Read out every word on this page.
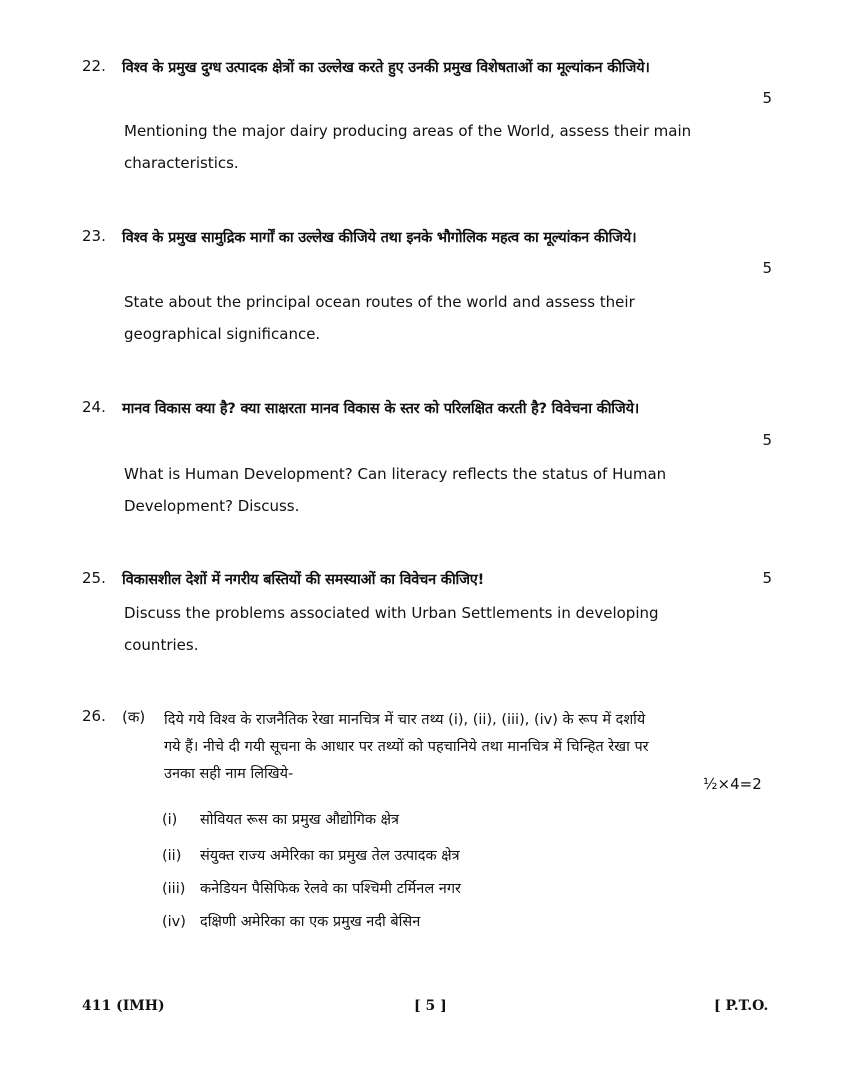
22. विश्व के प्रमुख दुग्ध उत्पादक क्षेत्रों का उल्लेख करते हुए उनकी प्रमुख विशेषताओं का मूल्यांकन कीजिये।
5
Mentioning the major dairy producing areas of the World, assess their main
characteristics.
23. विश्व के प्रमुख सामुद्रिक मार्गों का उल्लेख कीजिये तथा इनके भौगोलिक महत्व का मूल्यांकन कीजिये।
5
State about the principal ocean routes of the world and assess their
geographical significance.
24. मानव विकास क्या है? क्या साक्षरता मानव विकास के स्तर को परिलक्षित करती है? विवेचना कीजिये।
5
What is Human Development? Can literacy reflects the status of Human
Development? Discuss.
25. विकासशील देशों में नगरीय बस्तियों की समस्याओं का विवेचन कीजिए!	5
Discuss the problems associated with Urban Settlements in developing
countries.
26. (क) दिये गये विश्व के राजनैतिक रेखा मानचित्र में चार तथ्य (i), (ii), (iii), (iv) के रूप में दर्शाये
गये हैं। नीचे दी गयी सूचना के आधार पर तथ्यों को पहचानिये तथा मानचित्र में चिन्हित रेखा पर
उनका सही नाम लिखिये-
½×4=2
(i) सोवियत रूस का प्रमुख औद्योगिक क्षेत्र
(ii) संयुक्त राज्य अमेरिका का प्रमुख तेल उत्पादक क्षेत्र
(iii) कनेडियन पैसिफिक रेलवे का पश्चिमी टर्मिनल नगर
(iv) दक्षिणी अमेरिका का एक प्रमुख नदी बेसिन
411 (IMH)	[ 5 ]	[ P.T.O.
